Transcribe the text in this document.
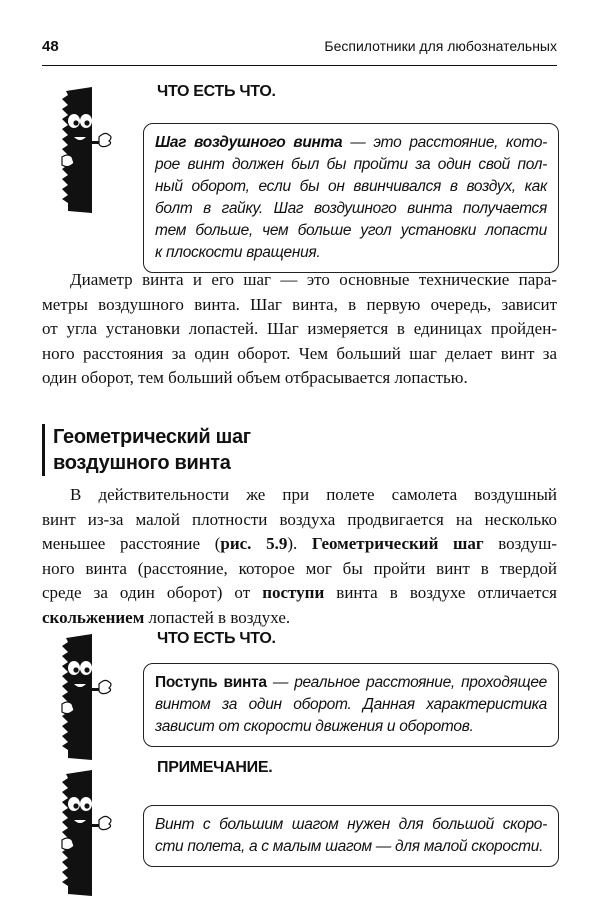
48	Беспилотники для любознательных
ЧТО ЕСТЬ ЧТО.
Шаг воздушного винта — это расстояние, кото-
рое винт должен был бы пройти за один свой пол-
ный оборот, если бы он ввинчивался в воздух, как
болт в гайку. Шаг воздушного винта получается
тем больше, чем больше угол установки лопасти
к плоскости вращения.
Диаметр винта и его шаг — это основные технические пара-
метры воздушного винта. Шаг винта, в первую очередь, зависит
от угла установки лопастей. Шаг измеряется в единицах пройден-
ного расстояния за один оборот. Чем больший шаг делает винт за
один оборот, тем больший объем отбрасывается лопастью.
Геометрический шаг
воздушного винта
В действительности же при полете самолета воздушный
винт из-за малой плотности воздуха продвигается на несколько
меньшее расстояние (рис. 5.9). Геометрический шаг воздуш-
ного винта (расстояние, которое мог бы пройти винт в твердой
среде за один оборот) от поступи винта в воздухе отличается
скольжением лопастей в воздухе.
ЧТО ЕСТЬ ЧТО.
Поступь винта — реальное расстояние, проходящее
винтом за один оборот. Данная характеристика
зависит от скорости движения и оборотов.
ПРИМЕЧАНИЕ.
Винт с большим шагом нужен для большой скоро-
сти полета, а с малым шагом — для малой скорости.
